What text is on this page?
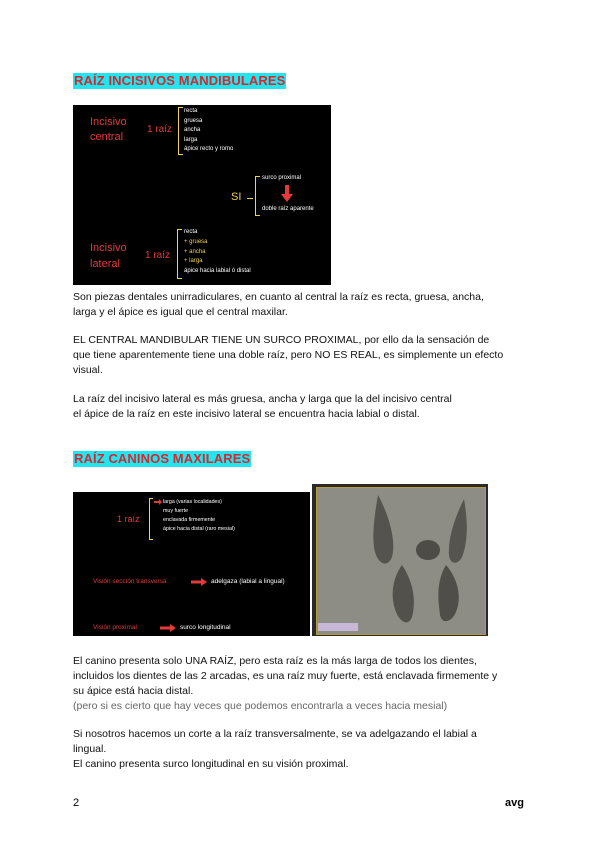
RAÍZ INCISIVOS MANDIBULARES
Incisivo
central
1 raíz
recta
gruesa
ancha
larga
ápice recto y romo
SI
surco proximal
doble raíz aparente
Incisivo
lateral
1 raíz
recta
+ gruesa
+ ancha
+ larga
ápice hacia labial ó distal
Son piezas dentales unirradiculares, en cuanto al central la raíz es recta, gruesa, ancha,
larga y el ápice es igual que el central maxilar.
EL CENTRAL MANDIBULAR TIENE UN SURCO PROXIMAL, por ello da la sensación de
que tiene aparentemente tiene una doble raíz, pero NO ES REAL, es simplemente un efecto
visual.
La raíz del incisivo lateral es más gruesa, ancha y larga que la del incisivo central
el ápice de la raíz en este incisivo lateral se encuentra hacia labial o distal.
RAÍZ CANINOS MAXILARES
1 raíz
larga (varias localidades)
muy fuerte
enclavada firmemente
ápice hacia distal (raro mesial)
Visión sección transversa	adelgaza (labial a lingual)
Visión proximal	surco longitudinal
El canino presenta solo UNA RAÍZ, pero esta raíz es la más larga de todos los dientes,
incluidos los dientes de las 2 arcadas, es una raíz muy fuerte, está enclavada firmemente y
su ápice está hacia distal.
(pero si es cierto que hay veces que podemos encontrarla a veces hacia mesial)
Si nosotros hacemos un corte a la raíz transversalmente, se va adelgazando el labial a
lingual.
El canino presenta surco longitudinal en su visión proximal.
2	avg
